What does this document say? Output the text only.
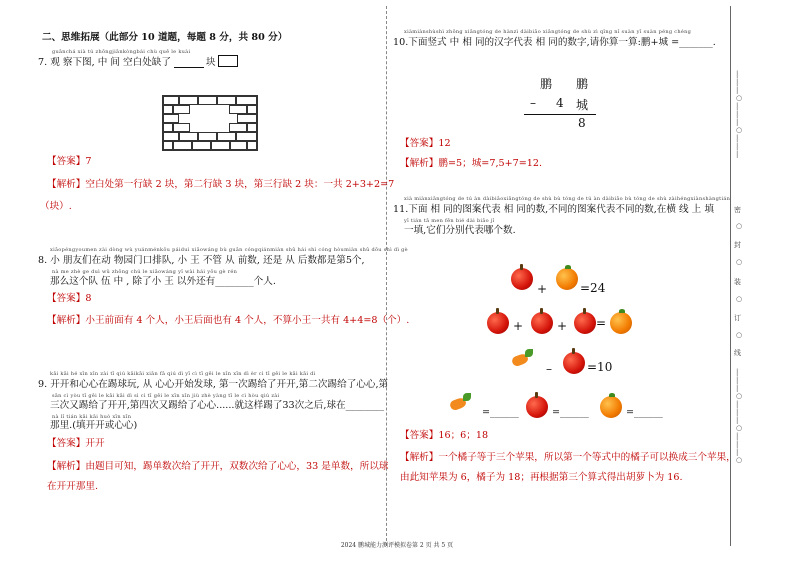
|
|
|
○
|
|
|
○
|
|
|
密
○
封
○
装
○
订
○
线
|
|
|
○
|
|
|
○
|
|
|
○
二、思维拓展（此部分 10 道题，每题 8 分，共 80 分）
guānchá xià tú zhōngjiānkòngbái chù quē le kuài
7. 观 察下图, 中 间 空白处缺了	块
【答案】7
【解析】空白处第一行缺 2 块，第二行缺 3 块，第三行缺 2 块：一共 2+3+2=7
（块）.
xiǎopéngyoumen zài dòng wù yuánménkǒu páiduì xiǎowáng bù guǎn cóngqiánmiàn shǔ hái shì cóng hòumiàn shǔ dōu shì dì gè
8. 小 朋友们在动 物园门口排队, 小 王 不管 从 前数, 还是 从 后数都是第5个,
nà me zhè ge duì wǔ zhōng chú le xiǎowáng yǐ wài hái yǒu gè rén
那么这个队 伍 中 , 除了小 王 以外还有________个人.
【答案】8
【解析】小王前面有 4 个人，小王后面也有 4 个人，不算小王一共有 4+4=8（个）.
kāi kāi hé xīn xīn zài tī qiú kāikāi xiān fā qiú dì yī cì tī gěi le xīn xīn dì èr cì tī gěi le kāi kāi dì
9. 开开和心心在踢球玩, 从 心心开始发球, 第一次踢给了开开,第二次踢给了心心,第
sān cì yòu tī gěi le kāi kāi dì sì cì tī gěi le xīn xīn jiù zhè yàng tī le cì hòu qiú zài
三次又踢给了开开,第四次又踢给了心心......就这样踢了33次之后,球在________
nà lǐ tián kāi kāi huò xīn xīn
那里.(填开开或心心)
【答案】开开
【解析】由题目可知，踢单数次给了开开，双数次给了心心，33 是单数，所以球
在开开那里.
xiàmiànshùshì zhōng xiāngtóng de hànzì dàibiǎo xiāngtóng de shù zì qǐng nǐ suàn yī suàn péng chéng
10.下面竖式 中 相 同的汉字代表 相 同的数字,请你算一算:鹏+城 =_______.
鹏 鹏
– 4 城
8
【答案】12
【解析】鹏=5；城=7,5+7=12.
xià miànxiāngtóng de tú àn dàibiǎoxiāngtóng de shù bù tóng de tú àn dàibiǎo bù tóng de shù zàihéngxiànshàngtián
11.下面 相 同的图案代表 相 同的数,不同的图案代表不同的数,在横 线 上 填
yī tián tā men fēn bié dài biǎo jǐ
一填,它们分别代表哪个数.
+	=24
+	+ =
–	=10
=______	=______	=______
【答案】16；6；18
【解析】一个橘子等于三个苹果，所以第一个等式中的橘子可以换成三个苹果，
由此知苹果为 6，橘子为 18；再根据第三个算式得出胡萝卜为 16.
2024 鹏城能力测评模拟卷第 2 页 共 5 页
